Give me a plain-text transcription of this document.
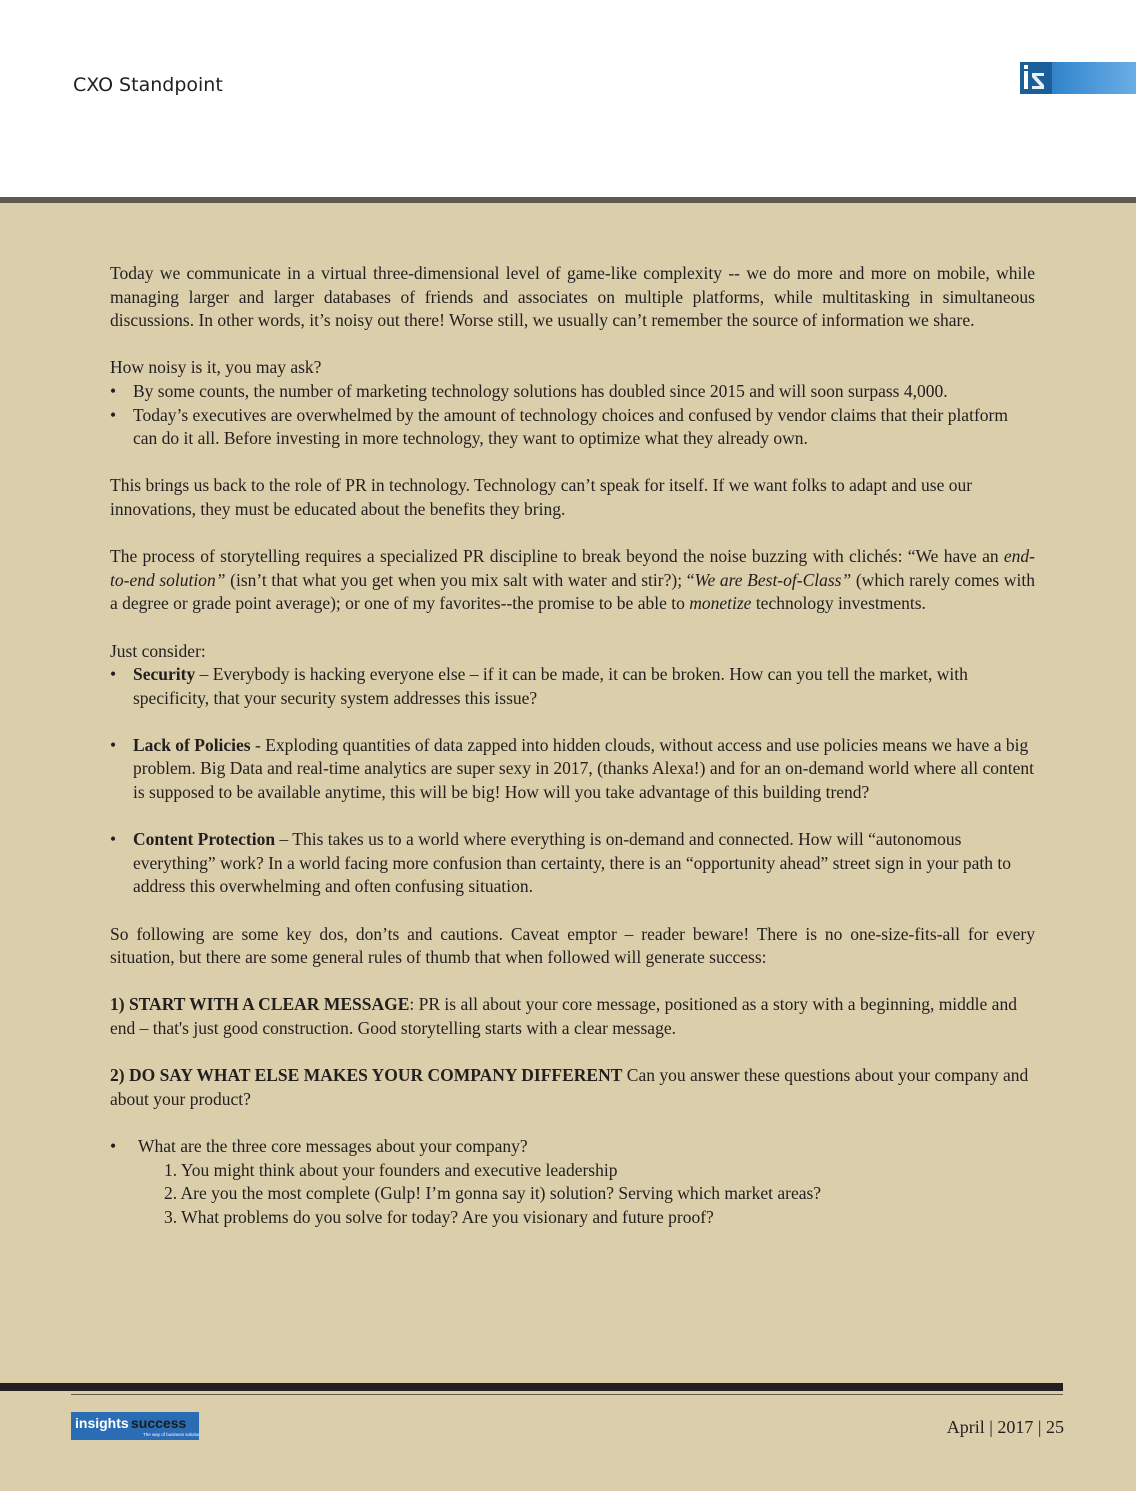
CXO Standpoint

Today we communicate in a virtual three-dimensional level of game-like complexity -- we do more and more on mobile, while managing larger and larger databases of friends and associates on multiple platforms, while multitasking in simultaneous discussions. In other words, it’s noisy out there! Worse still, we usually can’t remember the source of information we share.

How noisy is it, you may ask?

• By some counts, the number of marketing technology solutions has doubled since 2015 and will soon surpass 4,000.
• Today’s executives are overwhelmed by the amount of technology choices and confused by vendor claims that their platform can do it all. Before investing in more technology, they want to optimize what they already own.

This brings us back to the role of PR in technology. Technology can’t speak for itself. If we want folks to adapt and use our innovations, they must be educated about the benefits they bring.

The process of storytelling requires a specialized PR discipline to break beyond the noise buzzing with clichés: “We have an end-to-end solution” (isn’t that what you get when you mix salt with water and stir?); “We are Best-of-Class” (which rarely comes with a degree or grade point average); or one of my favorites--the promise to be able to monetize technology investments.

Just consider:

• Security – Everybody is hacking everyone else – if it can be made, it can be broken. How can you tell the market, with specificity, that your security system addresses this issue?
• Lack of Policies - Exploding quantities of data zapped into hidden clouds, without access and use policies means we have a big problem. Big Data and real-time analytics are super sexy in 2017, (thanks Alexa!) and for an on-demand world where all content is supposed to be available anytime, this will be big! How will you take advantage of this building trend?
• Content Protection – This takes us to a world where everything is on-demand and connected. How will “autonomous everything” work? In a world facing more confusion than certainty, there is an “opportunity ahead” street sign in your path to address this overwhelming and often confusing situation.

So following are some key dos, don’ts and cautions. Caveat emptor – reader beware! There is no one-size-fits-all for every situation, but there are some general rules of thumb that when followed will generate success:

1) START WITH A CLEAR MESSAGE: PR is all about your core message, positioned as a story with a beginning, middle and end – that's just good construction. Good storytelling starts with a clear message.

2) DO SAY WHAT ELSE MAKES YOUR COMPANY DIFFERENT Can you answer these questions about your company and about your product?

• What are the three core messages about your company?

1. You might think about your founders and executive leadership

2. Are you the most complete (Gulp! I’m gonna say it) solution? Serving which market areas?

3. What problems do you solve for today? Are you visionary and future proof?

insights success
The way of business solutions	April | 2017 | 25
